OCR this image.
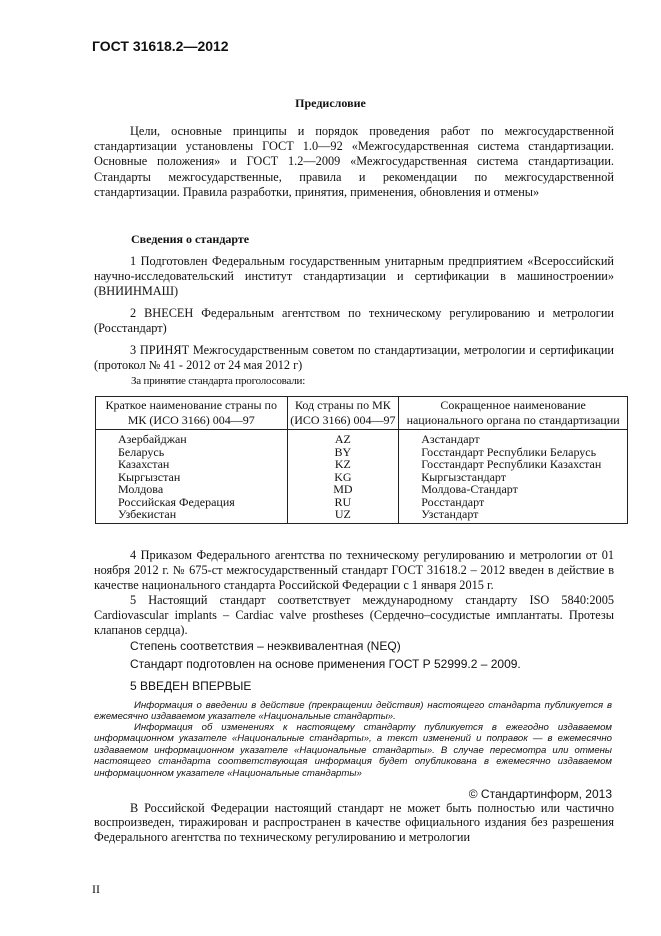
ГОСТ 31618.2—2012
Предисловие
Цели, основные принципы и порядок проведения работ по межгосударственной стандартизации установлены ГОСТ 1.0—92 «Межгосударственная система стандартизации. Основные положения» и ГОСТ 1.2—2009 «Межгосударственная система стандартизации. Стандарты межгосударственные, правила и рекомендации по межгосударственной стандартизации. Правила разработки, принятия, применения, обновления и отмены»
Сведения о стандарте
1 Подготовлен Федеральным государственным унитарным предприятием «Всероссийский научно-исследовательский институт стандартизации и сертификации в машиностроении» (ВНИИНМАШ)
2 ВНЕСЕН Федеральным агентством по техническому регулированию и метрологии (Росстандарт)
3 ПРИНЯТ Межгосударственным советом по стандартизации, метрологии и сертификации (протокол № 41 - 2012 от 24 мая 2012 г)
За принятие стандарта проголосовали:
Краткое наименование страны по МК (ИСО 3166) 004—97	Код страны по МК (ИСО 3166) 004—97	Сокращенное наименование национального органа по стандартизации
Азербайджан	AZ	Азстандарт
Беларусь	BY	Госстандарт Республики Беларусь
Казахстан	KZ	Госстандарт Республики Казахстан
Кыргызстан	KG	Кыргызстандарт
Молдова	MD	Молдова-Стандарт
Российская Федерация	RU	Росстандарт
Узбекистан	UZ	Узстандарт
4 Приказом Федерального агентства по техническому регулированию и метрологии от 01 ноября 2012 г. № 675-ст межгосударственный стандарт ГОСТ 31618.2 – 2012 введен в действие в качестве национального стандарта Российской Федерации с 1 января 2015 г.
5 Настоящий стандарт соответствует международному стандарту ISO 5840:2005 Cardiovascular implants – Cardiac valve prostheses (Сердечно–сосудистые имплантаты. Протезы клапанов сердца).
Степень соответствия – неэквивалентная (NEQ)
Стандарт подготовлен на основе применения ГОСТ Р 52999.2 – 2009.
5 ВВЕДЕН ВПЕРВЫЕ
Информация о введении в действие (прекращении действия) настоящего стандарта публикуется в ежемесячно издаваемом указателе «Национальные стандарты».
Информация об изменениях к настоящему стандарту публикуется в ежегодно издаваемом информационном указателе «Национальные стандарты», а текст изменений и поправок — в ежемесячно издаваемом информационном указателе «Национальные стандарты». В случае пересмотра или отмены настоящего стандарта соответствующая информация будет опубликована в ежемесячно издаваемом информационном указателе «Национальные стандарты»
© Стандартинформ, 2013
В Российской Федерации настоящий стандарт не может быть полностью или частично воспроизведен, тиражирован и распространен в качестве официального издания без разрешения Федерального агентства по техническому регулированию и метрологии
II
